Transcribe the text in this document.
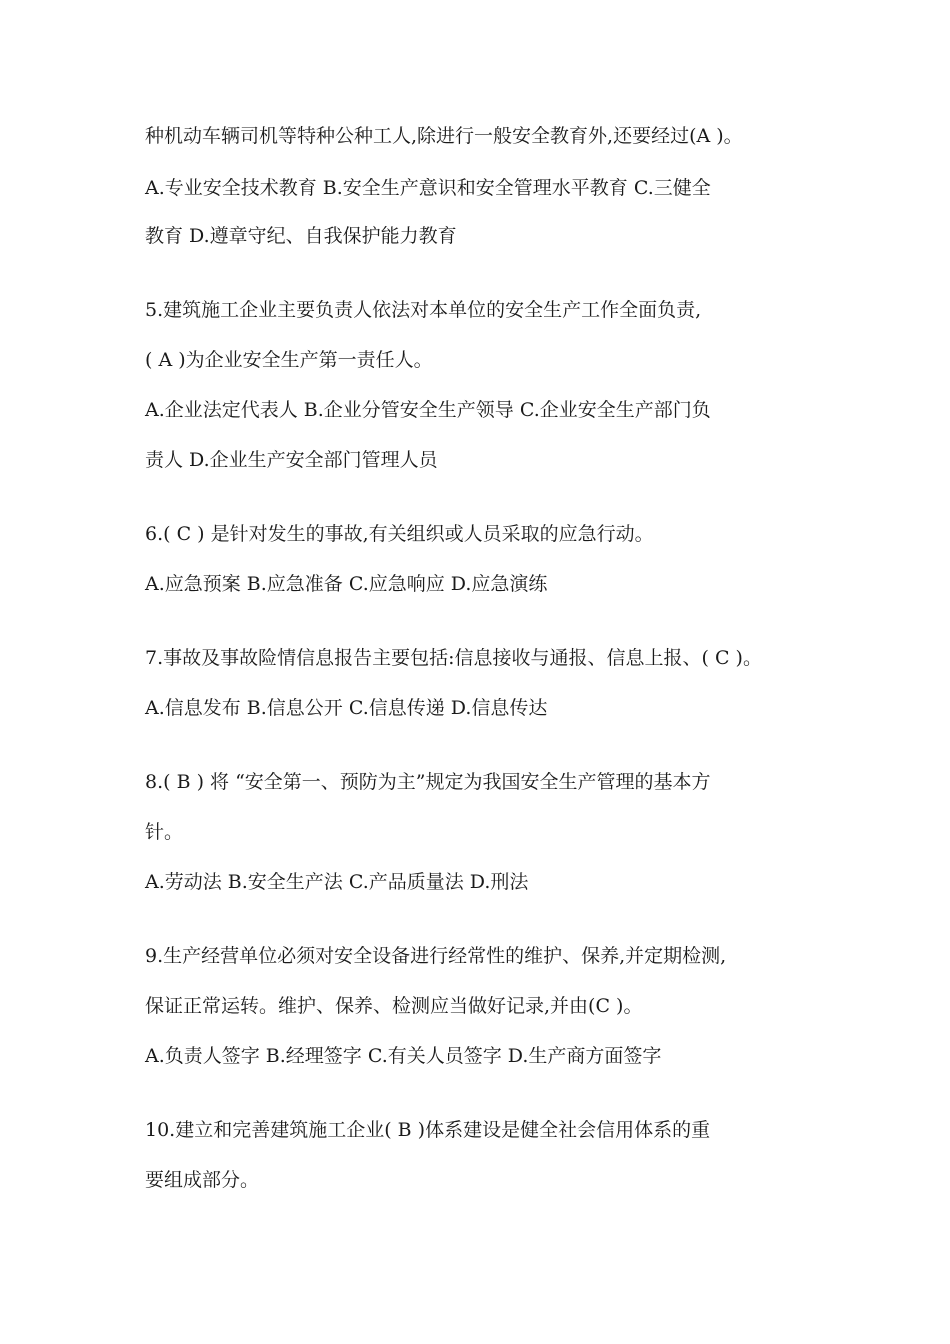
种机动车辆司机等特种公种工人,除进行一般安全教育外,还要经过(A )。
A.专业安全技术教育 B.安全生产意识和安全管理水平教育 C.三健全
教育 D.遵章守纪、自我保护能力教育
5.建筑施工企业主要负责人依法对本单位的安全生产工作全面负责,
( A )为企业安全生产第一责任人。
A.企业法定代表人 B.企业分管安全生产领导 C.企业安全生产部门负
责人 D.企业生产安全部门管理人员
6.( C ) 是针对发生的事故,有关组织或人员采取的应急行动。
A.应急预案 B.应急准备 C.应急响应 D.应急演练
7.事故及事故险情信息报告主要包括:信息接收与通报、信息上报、( C )。
A.信息发布 B.信息公开 C.信息传递 D.信息传达
8.( B ) 将 “安全第一、预防为主”规定为我国安全生产管理的基本方
针。
A.劳动法 B.安全生产法 C.产品质量法 D.刑法
9.生产经营单位必须对安全设备进行经常性的维护、保养,并定期检测,
保证正常运转。维护、保养、检测应当做好记录,并由(C )。
A.负责人签字 B.经理签字 C.有关人员签字 D.生产商方面签字
10.建立和完善建筑施工企业( B )体系建设是健全社会信用体系的重
要组成部分。
